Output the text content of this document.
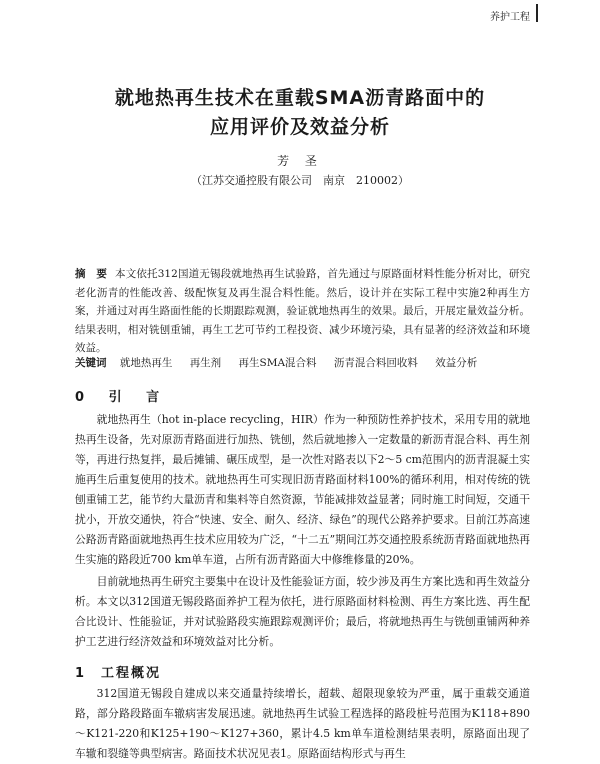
养护工程
就地热再生技术在重载SMA沥青路面中的
应用评价及效益分析
芳 圣
（江苏交通控股有限公司　南京　210002）
摘　要 本文依托312国道无锡段就地热再生试验路，首先通过与原路面材料性能分析对比，研究老化沥青的性能改善、级配恢复及再生混合料性能。然后，设计并在实际工程中实施2种再生方案，并通过对再生路面性能的长期跟踪观测，验证就地热再生的效果。最后，开展定量效益分析。结果表明，相对铣刨重铺，再生工艺可节约工程投资、减少环境污染，具有显著的经济效益和环境效益。
关键词 就地热再生 再生剂 再生SMA混合料 沥青混合料回收料 效益分析
0 引 言
就地热再生（hot in-place recycling，HIR）作为一种预防性养护技术，采用专用的就地热再生设备，先对原沥青路面进行加热、铣刨，然后就地掺入一定数量的新沥青混合料、再生剂等，再进行热复拌，最后摊铺、碾压成型，是一次性对路表以下2～5 cm范围内的沥青混凝土实施再生后重复使用的技术。就地热再生可实现旧沥青路面材料100%的循环利用，相对传统的铣刨重铺工艺，能节约大量沥青和集料等自然资源，节能减排效益显著；同时施工时间短，交通干扰小，开放交通快，符合“快速、安全、耐久、经济、绿色”的现代公路养护要求。目前江苏高速公路沥青路面就地热再生技术应用较为广泛，“十二五”期间江苏交通控股系统沥青路面就地热再生实施的路段近700 km单车道，占所有沥青路面大中修维修量的20%。
目前就地热再生研究主要集中在设计及性能验证方面，较少涉及再生方案比选和再生效益分析。本文以312国道无锡段路面养护工程为依托，进行原路面材料检测、再生方案比选、再生配合比设计、性能验证，并对试验路段实施跟踪观测评价；最后，将就地热再生与铣刨重铺两种养护工艺进行经济效益和环境效益对比分析。
1　工程概况
312国道无锡段自建成以来交通量持续增长，超载、超限现象较为严重，属于重载交通道路，部分路段路面车辙病害发展迅速。就地热再生试验工程选择的路段桩号范围为K118+890～K121-220和K125+190～K127+360，累计4.5 km单车道检测结果表明，原路面出现了车辙和裂缝等典型病害。路面技术状况见表1。原路面结构形式与再生
